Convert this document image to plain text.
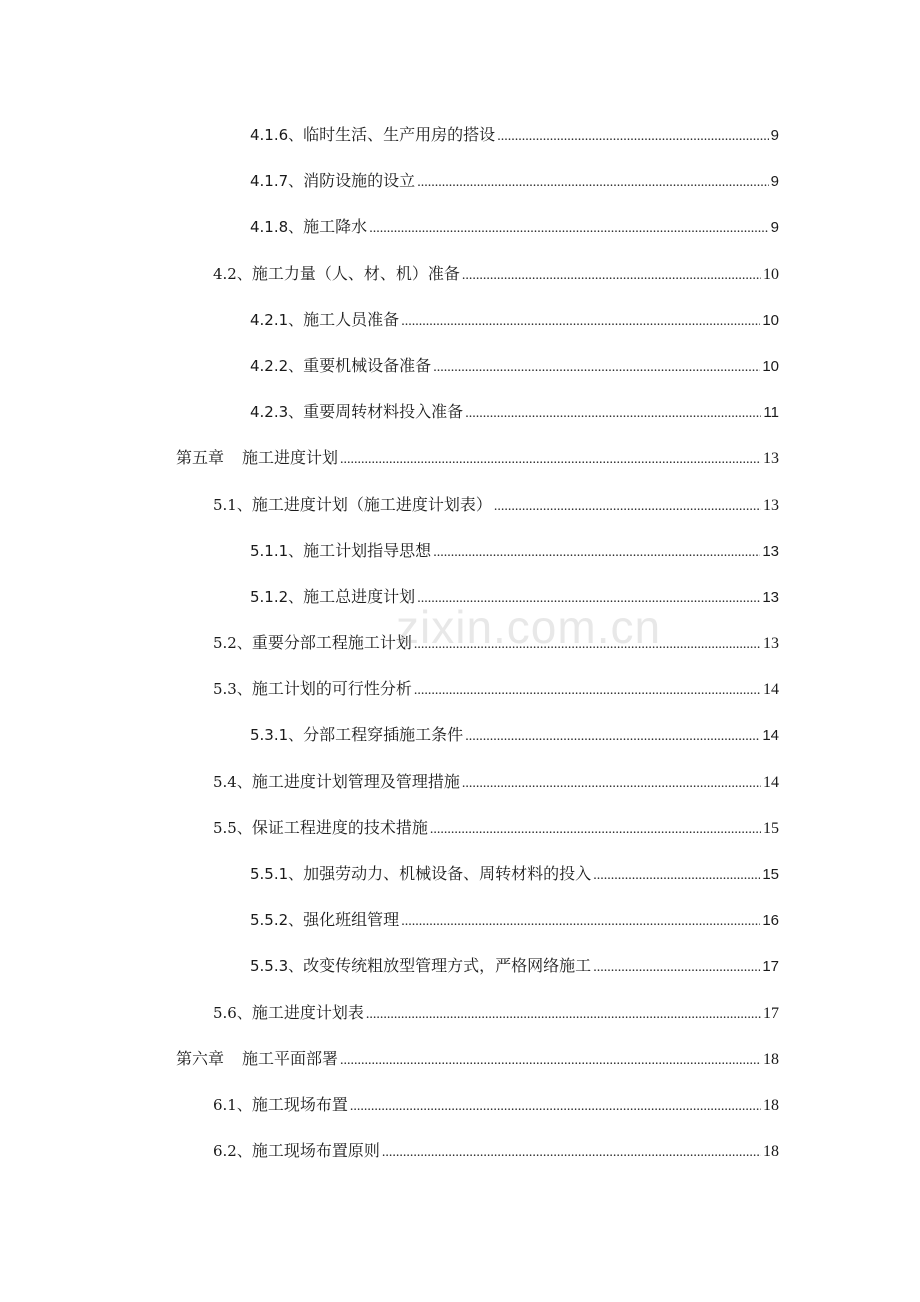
4.1.6、 临时生活、生产用房的搭设 .....	9
4.1.7、 消防设施的设立 .....	9
4.1.8、 施工降水 .....	9
4.2、 施工力量（人、材、机）准备 .....	10
4.2.1、 施工人员准备 .....	10
4.2.2、 重要机械设备准备 .....	10
4.2.3、 重要周转材料投入准备 .....	11
第五章 施工进度计划 .....	13
5.1、 施工进度计划（施工进度计划表） .....	13
5.1.1、 施工计划指导思想 .....	13
5.1.2、 施工总进度计划 .....	13
5.2、 重要分部工程施工计划 .....	13
5.3、 施工计划的可行性分析 .....	14
5.3.1、 分部工程穿插施工条件 .....	14
5.4、 施工进度计划管理及管理措施 .....	14
5.5、 保证工程进度的技术措施 .....	15
5.5.1、 加强劳动力、机械设备、周转材料的投入 .....	15
5.5.2、 强化班组管理 .....	16
5.5.3、 改变传统粗放型管理方式，严格网络施工 .....	17
5.6、 施工进度计划表 .....	17
第六章 施工平面部署 .....	18
6.1、 施工现场布置 .....	18
6.2、 施工现场布置原则 .....	18
zixin.com.cn
